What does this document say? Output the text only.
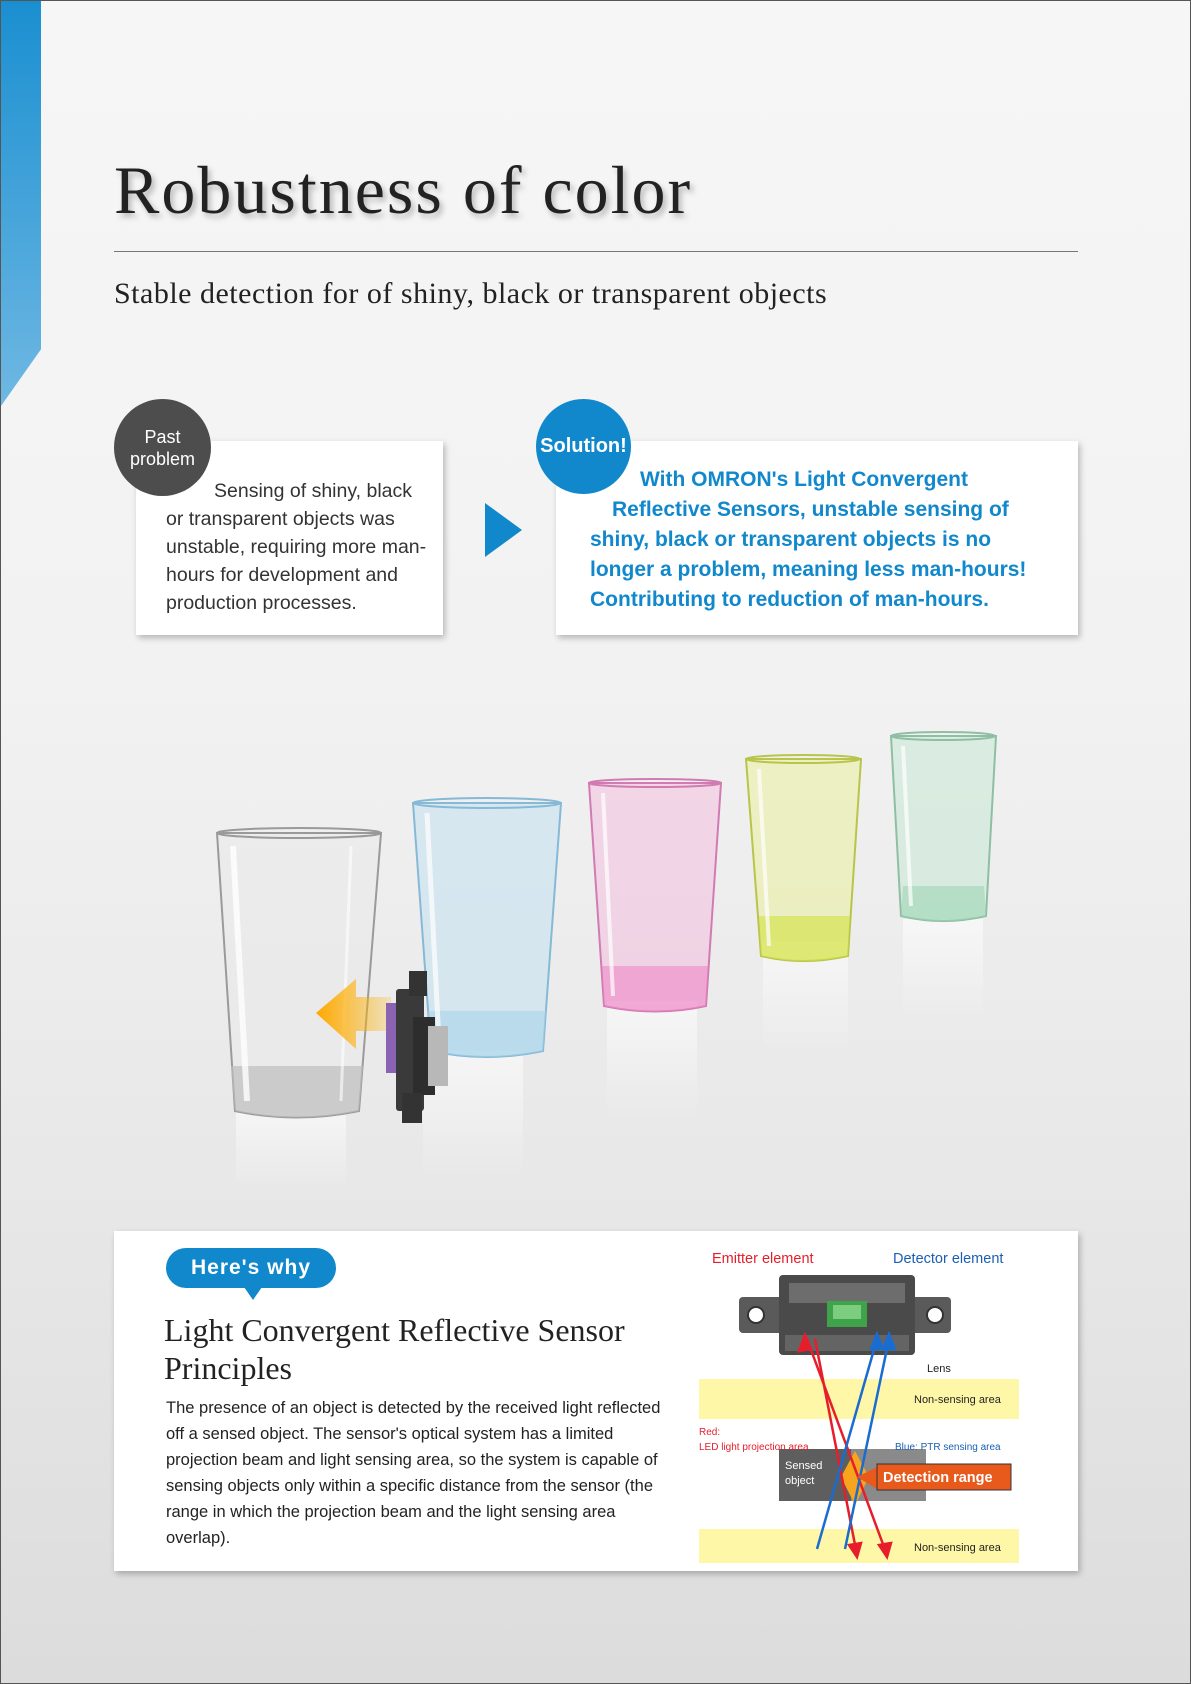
Robustness of color
Stable detection for of shiny, black or transparent objects

Sensing of shiny, black or transparent objects was unstable, requiring more man-hours for development and production processes.

Past
problem

With OMRON's Light Convergent
Reflective Sensors, unstable sensing of
shiny, black or transparent objects is no
longer a problem, meaning less man-hours!
Contributing to reduction of man-hours.

Solution!
Here's why
Light Convergent Reflective Sensor Principles

The presence of an object is detected by the received light reflected off a sensed object. The sensor's optical system has a limited projection beam and light sensing area, so the system is capable of sensing objects only within a specific distance from the sensor (the range in which the projection beam and the light sensing area overlap).

Emitter element	Detector element
Lens
Non-sensing area
Non-sensing area
Sensed
object
Red:
LED light projection area	Blue: PTR sensing area
Detection range
